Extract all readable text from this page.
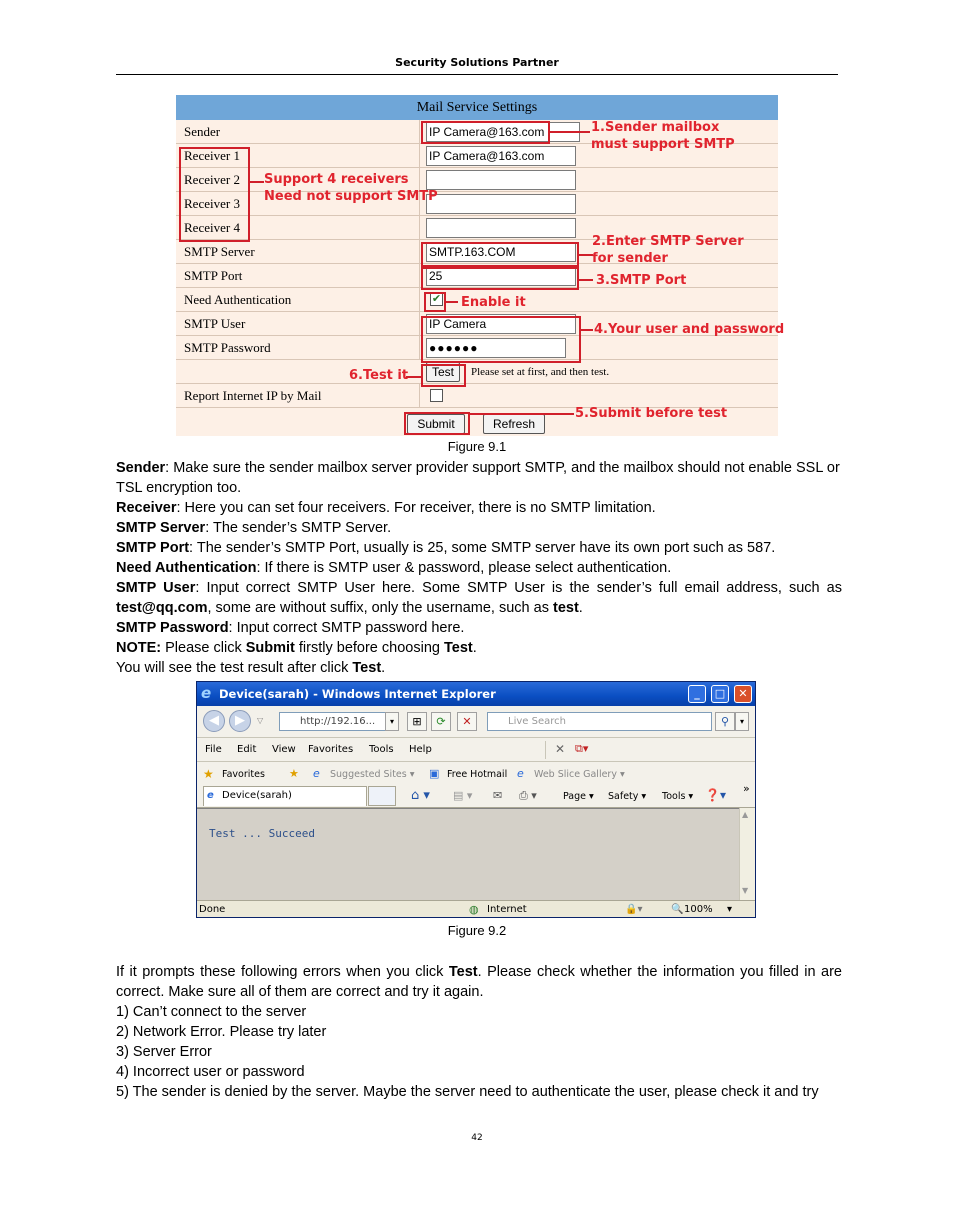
Security Solutions Partner
Mail Service Settings
Sender	IP Camera@163.com
Receiver 1	IP Camera@163.com
Receiver 2
Receiver 3
Receiver 4
SMTP Server	SMTP.163.COM
SMTP Port	25
Need Authentication	✔
SMTP User	IP Camera
SMTP Password	●●●●●●
Test	Please set at first, and then test.
Report Internet IP by Mail
Submit	Refresh
1.Sender mailbox
must support SMTP
Support 4 receivers
Need not support SMTP
2.Enter SMTP Server
for sender
3.SMTP Port
Enable it
4.Your user and password
6.Test it
5.Submit before test
Figure 9.1

Sender: Make sure the sender mailbox server provider support SMTP, and the mailbox should not enable SSL or TSL encryption too.

Receiver: Here you can set four receivers. For receiver, there is no SMTP limitation.

SMTP Server: The sender’s SMTP Server.

SMTP Port: The sender’s SMTP Port, usually is 25, some SMTP server have its own port such as 587.

Need Authentication: If there is SMTP user & password, please select authentication.

SMTP User: Input correct SMTP User here. Some SMTP User is the sender’s full email address, such as test@qq.com, some are without suffix, only the username, such as test.

SMTP Password: Input correct SMTP password here.

NOTE: Please click Submit firstly before choosing Test.

You will see the test result after click Test.

e Device(sarah) - Windows Internet Explorer	_	□	✕
◀	▶	▽	http://192.16...	▾	⊞	⟳	✕	Live Search	⚲	▾
File Edit View Favorites Tools Help	✕ ⧉▾
★ Favorites ★ e Suggested Sites ▾ ▣ Free Hotmail e Web Slice Gallery ▾
e Device(sarah)	⌂ ▾ ▤ ▾ ✉ ⎙ ▾	Page ▾ Safety ▾ Tools ▾ ❓▾ »
Test ... Succeed
▲
▼
Done	◍ Internet	🔒▾	🔍 100% ▾
Figure 9.2

If it prompts these following errors when you click Test. Please check whether the information you filled in are correct. Make sure all of them are correct and try it again.

1) Can’t connect to the server

2) Network Error. Please try later

3) Server Error

4) Incorrect user or password

5) The sender is denied by the server. Maybe the server need to authenticate the user, please check it and try

42
